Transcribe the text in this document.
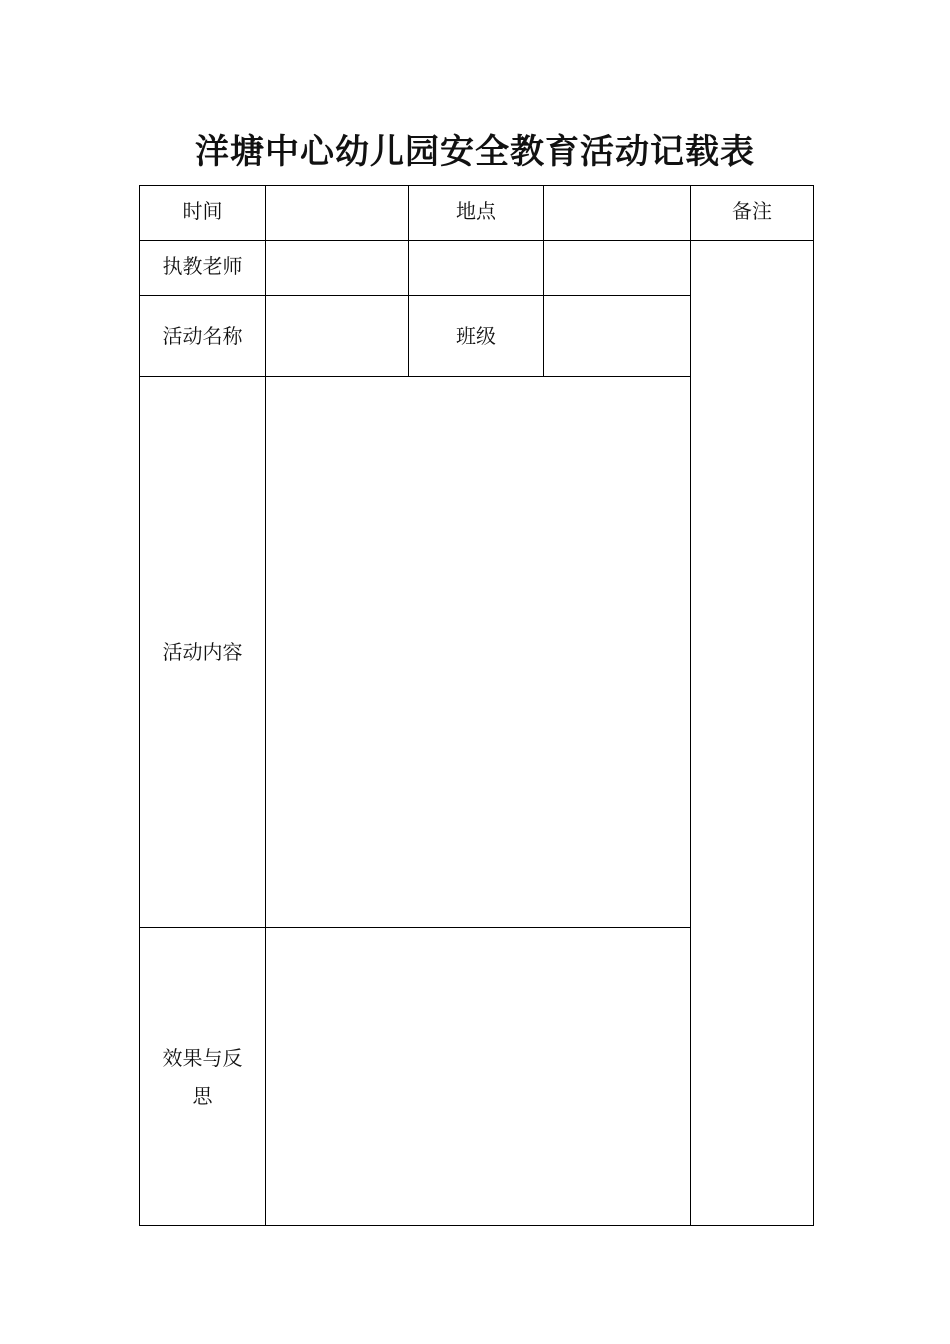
洋塘中心幼儿园安全教育活动记载表
时间		地点		备注
执教老师				
活动名称		班级		
活动内容				

效果与反思				
